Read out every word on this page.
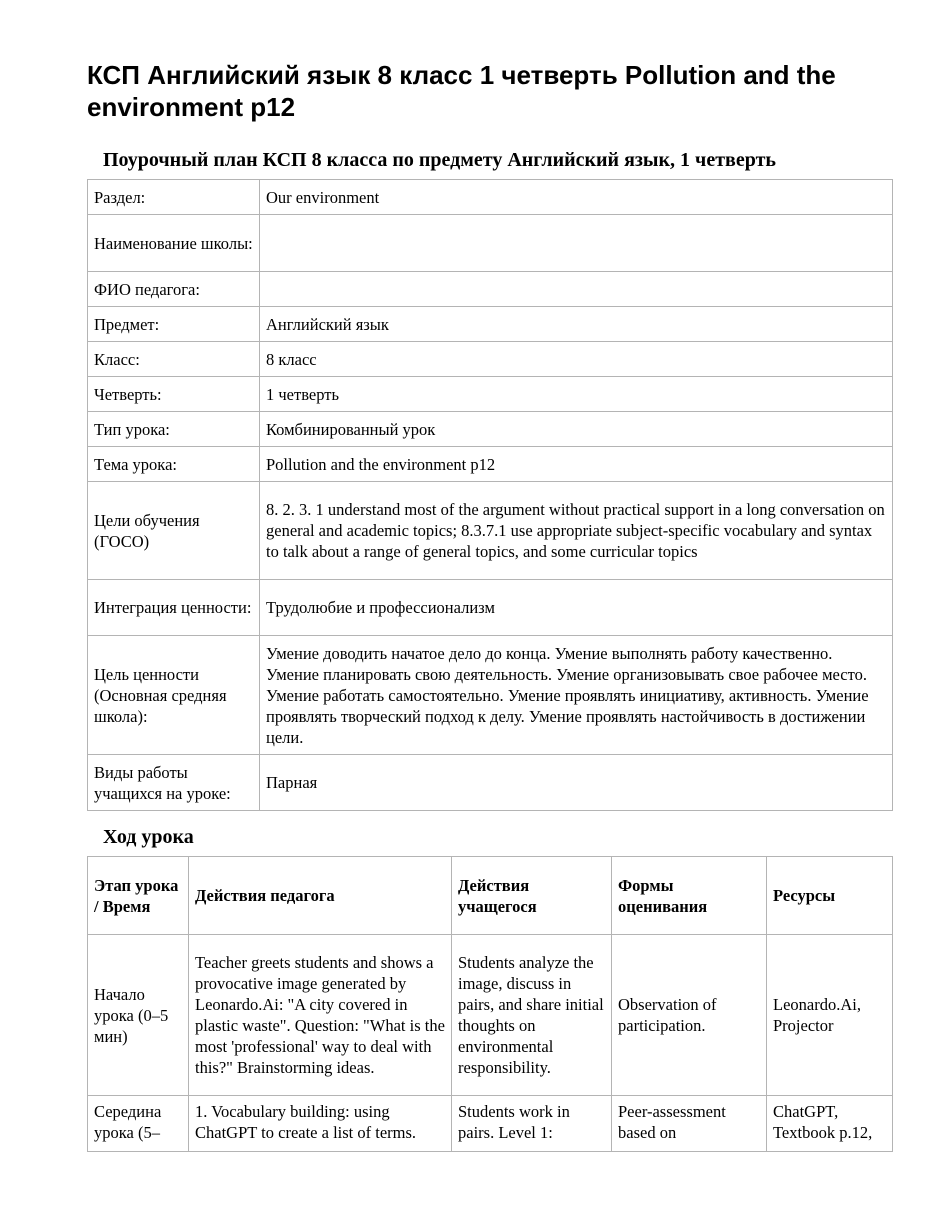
КСП Английский язык 8 класс 1 четверть Pollution and the environment p12
Поурочный план КСП 8 класса по предмету Английский язык, 1 четверть
Раздел:	Our environment
Наименование школы:	
ФИО педагога:	
Предмет:	Английский язык
Класс:	8 класс
Четверть:	1 четверть
Тип урока:	Комбинированный урок
Тема урока:	Pollution and the environment p12
Цели обучения (ГОСО)	8. 2. 3. 1 understand most of the argument without practical support in a long conversation on general and academic topics; 8.3.7.1 use appropriate subject-specific vocabulary and syntax to talk about a range of general topics, and some curricular topics
Интеграция ценности:	Трудолюбие и профессионализм
Цель ценности (Основная средняя школа):	Умение доводить начатое дело до конца. Умение выполнять работу качественно. Умение планировать свою деятельность. Умение организовывать свое рабочее место. Умение работать самостоятельно. Умение проявлять инициативу, активность. Умение проявлять творческий подход к делу. Умение проявлять настойчивость в достижении цели.
Виды работы учащихся на уроке:	Парная
Ход урока
Этап урока / Время	Действия педагога	Действия учащегося	Формы оценивания	Ресурсы
Начало урока (0–5 мин)	Teacher greets students and shows a provocative image generated by Leonardo.Ai: "A city covered in plastic waste". Question: "What is the most 'professional' way to deal with this?" Brainstorming ideas.	Students analyze the image, discuss in pairs, and share initial thoughts on environmental responsibility.	Observation of participation.	Leonardo.Ai, Projector
Середина урока (5–	1. Vocabulary building: using ChatGPT to create a list of terms.	Students work in pairs. Level 1:	Peer-assessment based on	ChatGPT, Textbook p.12,
